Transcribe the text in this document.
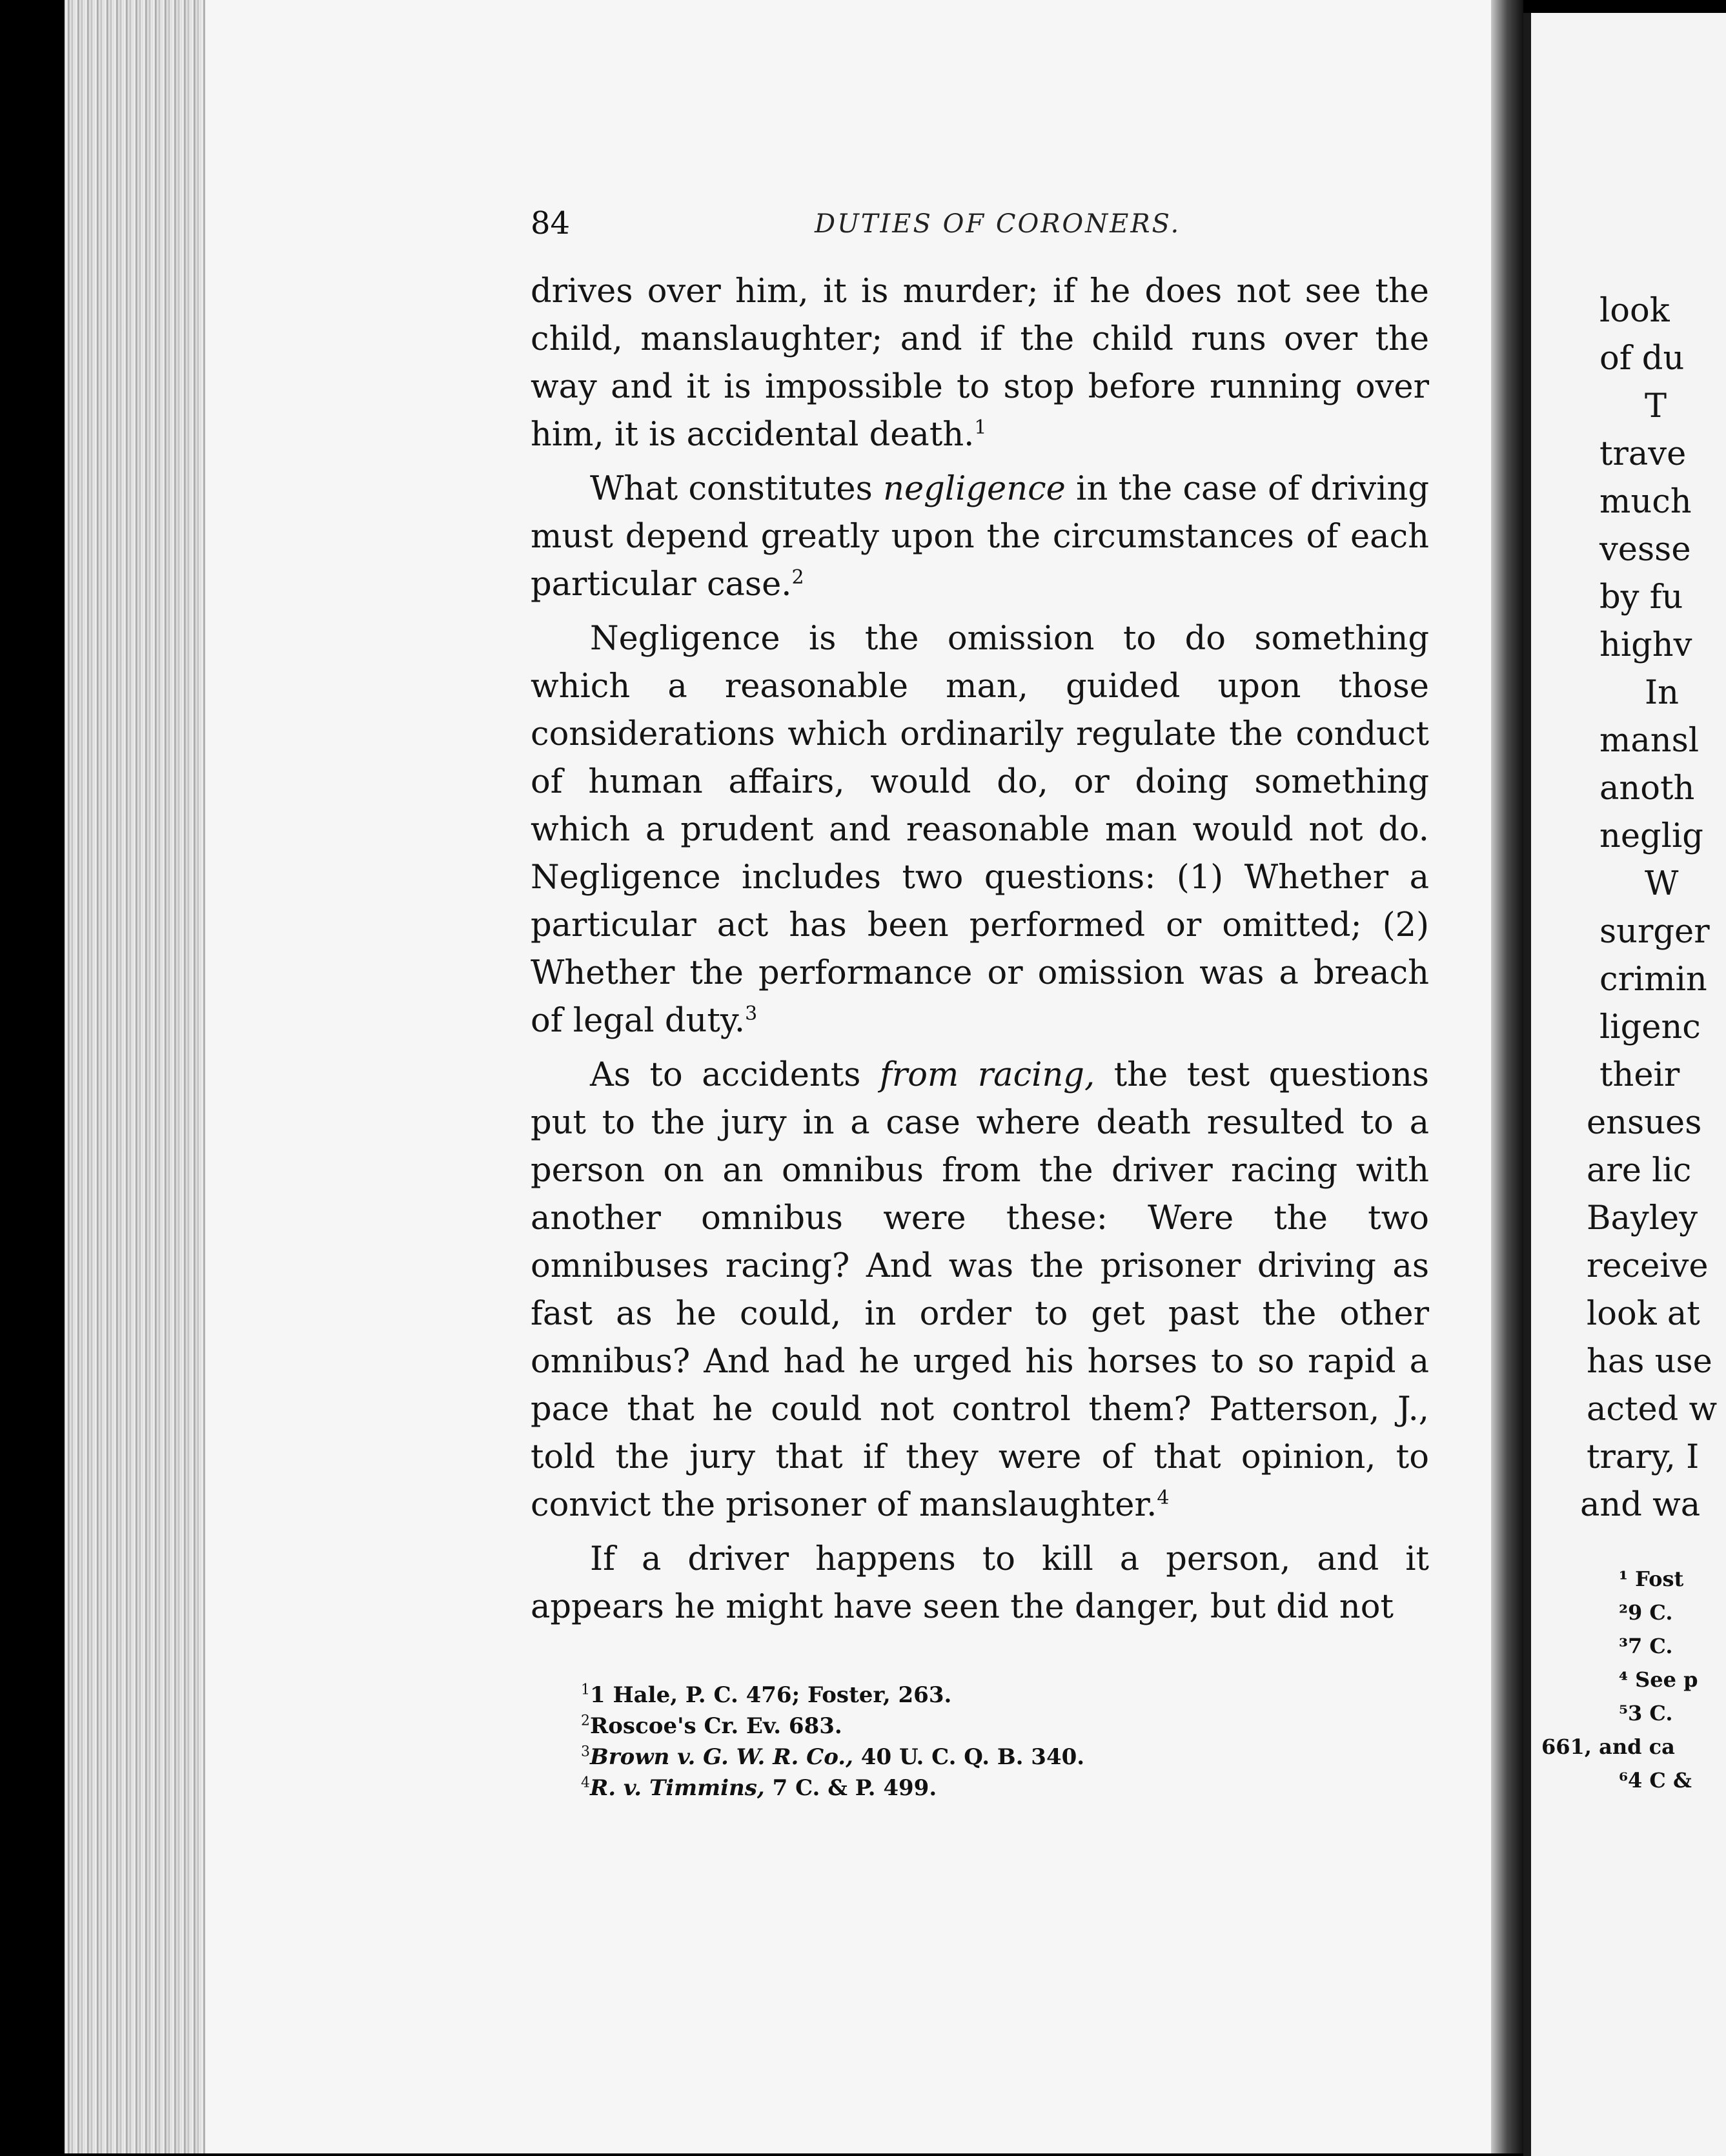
84	DUTIES OF CORONERS.

drives over him, it is murder; if he does not see the child, manslaughter; and if the child runs over the way and it is impossible to stop before running over him, it is accidental death.$^1$

What constitutes negligence in the case of driving must depend greatly upon the circumstances of each particular case.$^2$

Negligence is the omission to do something which a reasonable man, guided upon those considerations which ordinarily regulate the conduct of human affairs, would do, or doing something which a prudent and reasonable man would not do. Negligence includes two questions: (1) Whether a particular act has been performed or omitted; (2) Whether the performance or omission was a breach of legal duty.$^3$

As to accidents from racing, the test questions put to the jury in a case where death resulted to a person on an omnibus from the driver racing with another omnibus were these: Were the two omnibuses racing? And was the prisoner driving as fast as he could, in order to get past the other omnibus? And had he urged his horses to so rapid a pace that he could not control them? Patterson, J., told the jury that if they were of that opinion, to convict the prisoner of manslaughter.$^4$

If a driver happens to kill a person, and it appears he might have seen the danger, but did not

$^1$1 Hale, P. C. 476; Foster, 263.
$^2$Roscoe's Cr. Ev. 683.
$^3$Brown v. G. W. R. Co., 40 U. C. Q. B. 340.
$^4$R. v. Timmins, 7 C. & P. 499.
look
of du
T
trave
much
vesse
by fu
highv
In
mansl
anoth
neglig
W
surger
crimin
ligenc
their
ensues
are lic
Bayley
receive
look at
has use
acted w
trary, I
and wa
¹ Fost
²9 C.
³7 C.
⁴ See p
⁵3 C.
661, and ca
⁶4 C &
